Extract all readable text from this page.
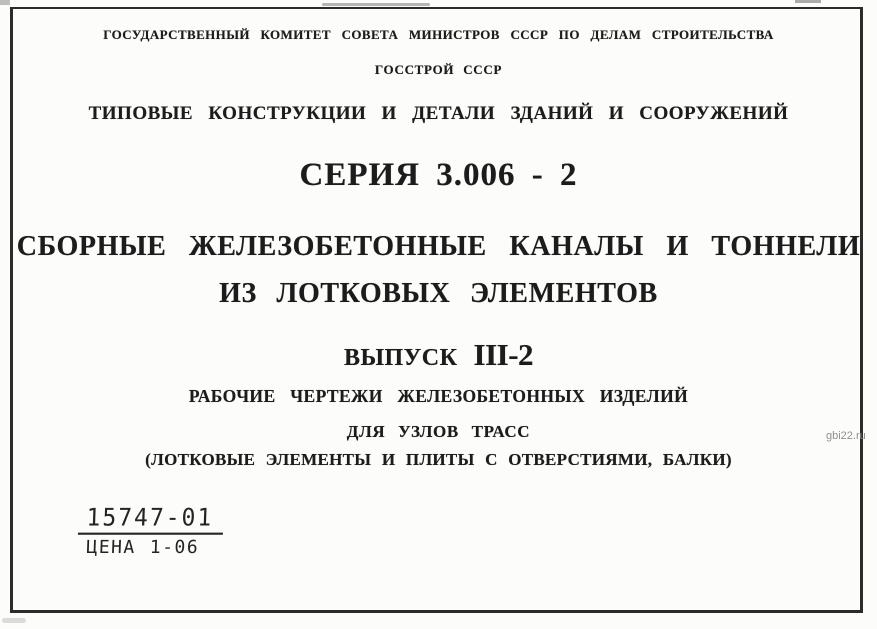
ГОСУДАРСТВЕННЫЙ КОМИТЕТ СОВЕТА МИНИСТРОВ СССР ПО ДЕЛАМ СТРОИТЕЛЬСТВА
ГОССТРОЙ СССР
ТИПОВЫЕ КОНСТРУКЦИИ И ДЕТАЛИ ЗДАНИЙ И СООРУЖЕНИЙ
СЕРИЯ 3.006 - 2
СБОРНЫЕ ЖЕЛЕЗОБЕТОННЫЕ КАНАЛЫ И ТОННЕЛИ
ИЗ ЛОТКОВЫХ ЭЛЕМЕНТОВ
ВЫПУСК III-2
РАБОЧИЕ ЧЕРТЕЖИ ЖЕЛЕЗОБЕТОННЫХ ИЗДЕЛИЙ
ДЛЯ УЗЛОВ ТРАСС
(ЛОТКОВЫЕ ЭЛЕМЕНТЫ И ПЛИТЫ С ОТВЕРСТИЯМИ, БАЛКИ)
15747-01
ЦЕНА 1-06
gbi22.ru
